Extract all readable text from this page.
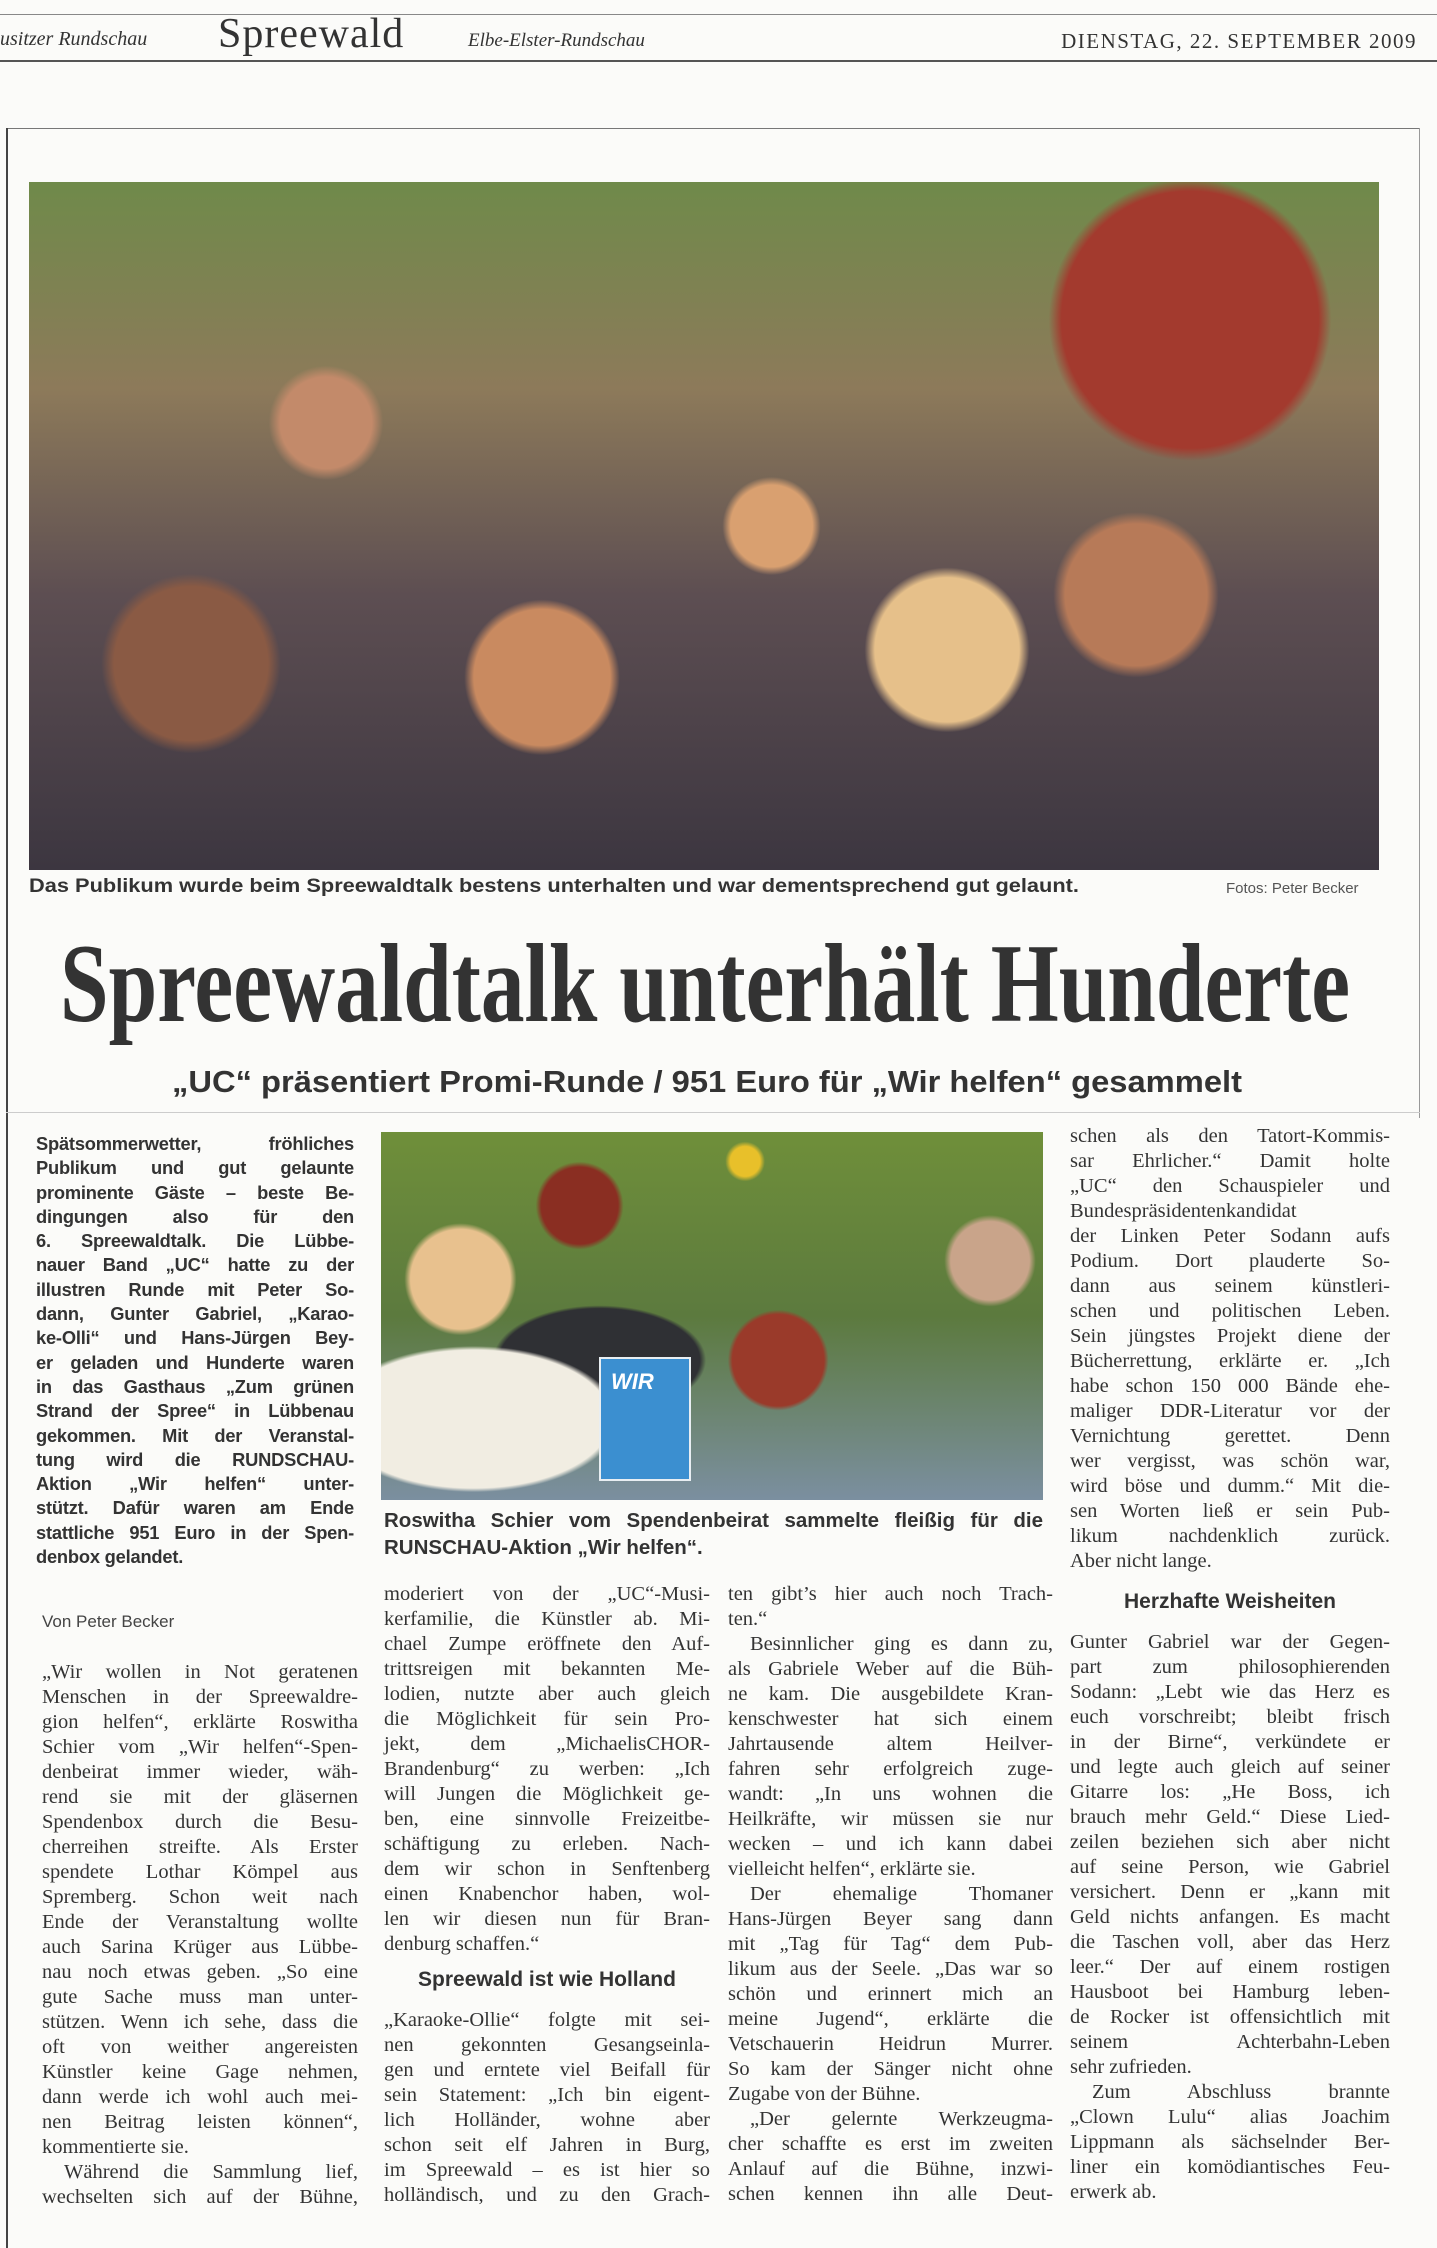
usitzer Rundschau Spreewald	Elbe-Elster-Rundschau	DIENSTAG, 22. SEPTEMBER 2009
Das Publikum wurde beim Spreewaldtalk bestens unterhalten und war dementsprechend gut gelaunt.	Fotos: Peter Becker
Spreewaldtalk unterhält Hunderte
„UC“ präsentiert Promi-Runde / 951 Euro für „Wir helfen“ gesammelt
Spätsommerwetter, fröhliches
Publikum und gut gelaunte
prominente Gäste – beste Be-
dingungen also für den
6. Spreewaldtalk. Die Lübbe-
nauer Band „UC“ hatte zu der
illustren Runde mit Peter So-
dann, Gunter Gabriel, „Karao-
ke-Olli“ und Hans-Jürgen Bey-
er geladen und Hunderte waren
in das Gasthaus „Zum grünen
Strand der Spree“ in Lübbenau
gekommen. Mit der Veranstal-
tung wird die RUNDSCHAU-
Aktion „Wir helfen“ unter-
stützt. Dafür waren am Ende
stattliche 951 Euro in der Spen-
denbox gelandet.
Von Peter Becker
„Wir wollen in Not geratenen
Menschen in der Spreewaldre-
gion helfen“, erklärte Roswitha
Schier vom „Wir helfen“-Spen-
denbeirat immer wieder, wäh-
rend sie mit der gläsernen
Spendenbox durch die Besu-
cherreihen streifte. Als Erster
spendete Lothar Kömpel aus
Spremberg. Schon weit nach
Ende der Veranstaltung wollte
auch Sarina Krüger aus Lübbe-
nau noch etwas geben. „So eine
gute Sache muss man unter-
stützen. Wenn ich sehe, dass die
oft von weither angereisten
Künstler keine Gage nehmen,
dann werde ich wohl auch mei-
nen Beitrag leisten können“,
kommentierte sie.
Während die Sammlung lief,
wechselten sich auf der Bühne,
WIR
Roswitha Schier vom Spendenbeirat sammelte fleißig für die
RUNSCHAU-Aktion „Wir helfen“.
moderiert von der „UC“-Musi-
kerfamilie, die Künstler ab. Mi-
chael Zumpe eröffnete den Auf-
trittsreigen mit bekannten Me-
lodien, nutzte aber auch gleich
die Möglichkeit für sein Pro-
jekt, dem „MichaelisCHOR-
Brandenburg“ zu werben: „Ich
will Jungen die Möglichkeit ge-
ben, eine sinnvolle Freizeitbe-
schäftigung zu erleben. Nach-
dem wir schon in Senftenberg
einen Knabenchor haben, wol-
len wir diesen nun für Bran-
denburg schaffen.“
Spreewald ist wie Holland
„Karaoke-Ollie“ folgte mit sei-
nen gekonnten Gesangseinla-
gen und erntete viel Beifall für
sein Statement: „Ich bin eigent-
lich Holländer, wohne aber
schon seit elf Jahren in Burg,
im Spreewald – es ist hier so
holländisch, und zu den Grach-
ten gibt’s hier auch noch Trach-
ten.“
Besinnlicher ging es dann zu,
als Gabriele Weber auf die Büh-
ne kam. Die ausgebildete Kran-
kenschwester hat sich einem
Jahrtausende altem Heilver-
fahren sehr erfolgreich zuge-
wandt: „In uns wohnen die
Heilkräfte, wir müssen sie nur
wecken – und ich kann dabei
vielleicht helfen“, erklärte sie.
Der ehemalige Thomaner
Hans-Jürgen Beyer sang dann
mit „Tag für Tag“ dem Pub-
likum aus der Seele. „Das war so
schön und erinnert mich an
meine Jugend“, erklärte die
Vetschauerin Heidrun Murrer.
So kam der Sänger nicht ohne
Zugabe von der Bühne.
„Der gelernte Werkzeugma-
cher schaffte es erst im zweiten
Anlauf auf die Bühne, inzwi-
schen kennen ihn alle Deut-
schen als den Tatort-Kommis-
sar Ehrlicher.“ Damit holte
„UC“ den Schauspieler und
Bundespräsidentenkandidat
der Linken Peter Sodann aufs
Podium. Dort plauderte So-
dann aus seinem künstleri-
schen und politischen Leben.
Sein jüngstes Projekt diene der
Bücherrettung, erklärte er. „Ich
habe schon 150 000 Bände ehe-
maliger DDR-Literatur vor der
Vernichtung gerettet. Denn
wer vergisst, was schön war,
wird böse und dumm.“ Mit die-
sen Worten ließ er sein Pub-
likum nachdenklich zurück.
Aber nicht lange.
Herzhafte Weisheiten
Gunter Gabriel war der Gegen-
part zum philosophierenden
Sodann: „Lebt wie das Herz es
euch vorschreibt; bleibt frisch
in der Birne“, verkündete er
und legte auch gleich auf seiner
Gitarre los: „He Boss, ich
brauch mehr Geld.“ Diese Lied-
zeilen beziehen sich aber nicht
auf seine Person, wie Gabriel
versichert. Denn er „kann mit
Geld nichts anfangen. Es macht
die Taschen voll, aber das Herz
leer.“ Der auf einem rostigen
Hausboot bei Hamburg leben-
de Rocker ist offensichtlich mit
seinem Achterbahn-Leben
sehr zufrieden.
Zum Abschluss brannte
„Clown Lulu“ alias Joachim
Lippmann als sächselnder Ber-
liner ein komödiantisches Feu-
erwerk ab.
